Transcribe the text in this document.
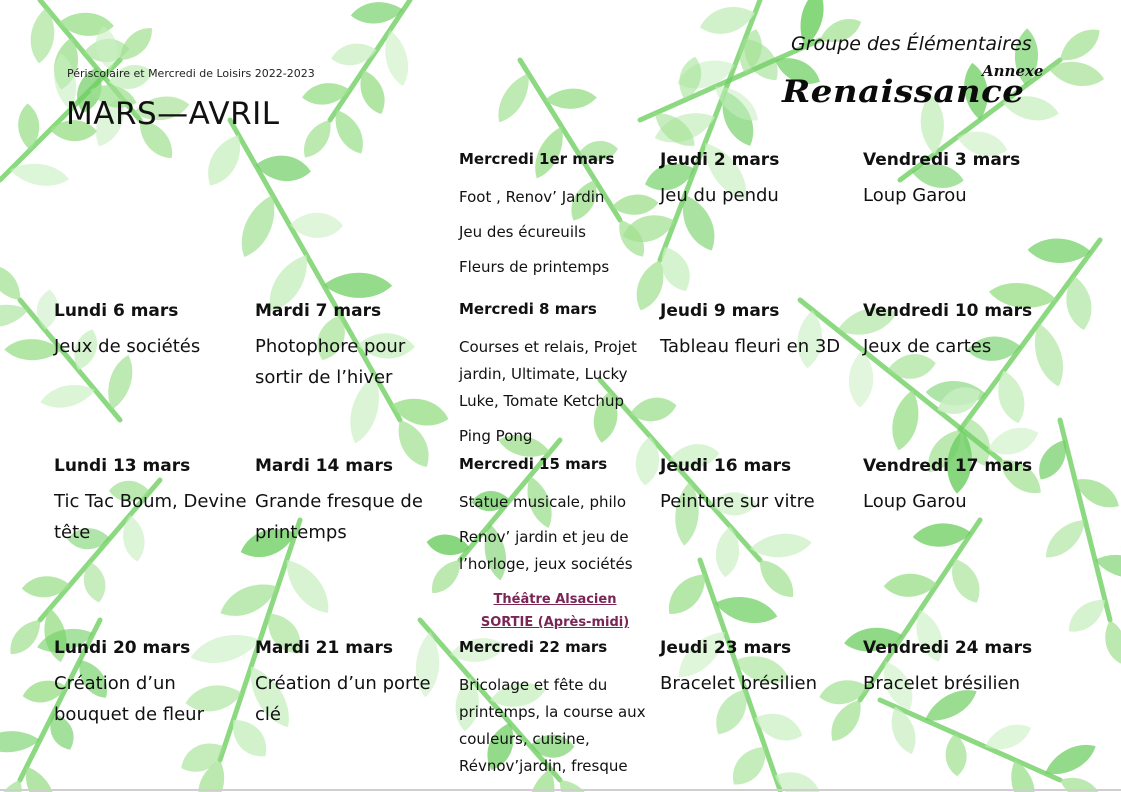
Périscolaire et Mercredi de Loisirs 2022-2023
MARS—AVRIL
Groupe des Élémentaires
Annexe
Renaissance
Mercredi 1er mars
Foot , Renov’ Jardin
Jeu des écureuils
Fleurs de printemps
Jeudi 2 mars
Jeu du pendu
Vendredi 3 mars
Loup Garou
Lundi 6 mars
Jeux de sociétés
Mardi 7 mars
Photophore pour
sortir de l’hiver
Mercredi 8 mars
Courses et relais, Projet
jardin, Ultimate, Lucky
Luke, Tomate Ketchup
Ping Pong
Jeudi 9 mars
Tableau fleuri en 3D
Vendredi 10 mars
Jeux de cartes
Lundi 13 mars
Tic Tac Boum, Devine
tête
Mardi 14 mars
Grande fresque de
printemps
Mercredi 15 mars
Statue musicale, philo
Renov’ jardin et jeu de
l’horloge, jeux sociétés
Théâtre Alsacien
SORTIE (Après-midi)
Jeudi 16 mars
Peinture sur vitre
Vendredi 17 mars
Loup Garou
Lundi 20 mars
Création d’un
bouquet de fleur
Mardi 21 mars
Création d’un porte
clé
Mercredi 22 mars
Bricolage et fête du
printemps, la course aux
couleurs, cuisine,
Révnov’jardin, fresque
Jeudi 23 mars
Bracelet brésilien
Vendredi 24 mars
Bracelet brésilien
